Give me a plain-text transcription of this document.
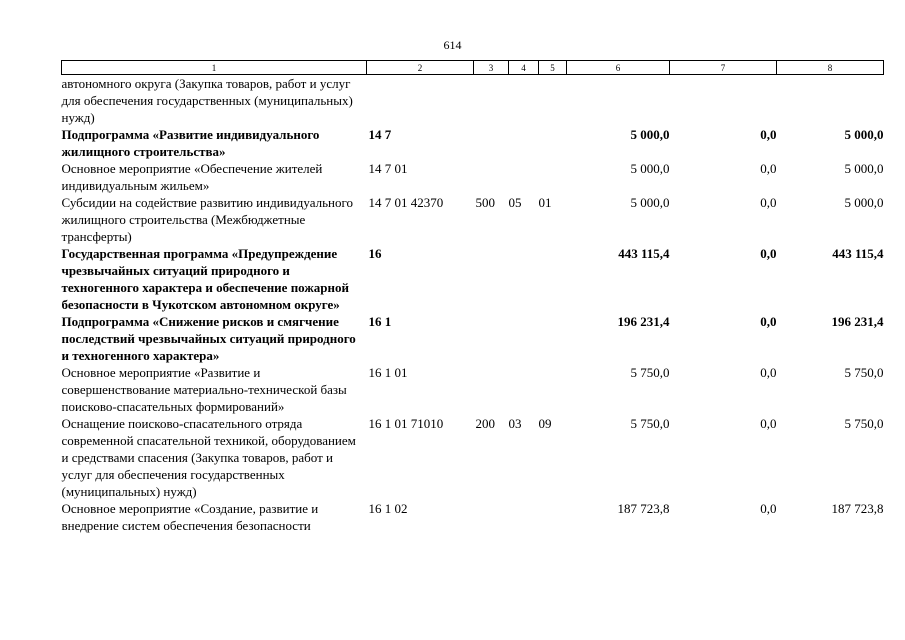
614
1	2	3	4	5	6	7	8
автономного округа (Закупка товаров, работ и услуг для обеспечения государственных (муниципальных) нужд)							
Подпрограмма «Развитие индивидуального жилищного строительства»	14 7				5 000,0	0,0	5 000,0
Основное мероприятие «Обеспечение жителей индивидуальным жильем»	14 7 01				5 000,0	0,0	5 000,0
Субсидии на содействие развитию индивидуального жилищного строительства (Межбюджетные трансферты)	14 7 01 42370	500	05	01	5 000,0	0,0	5 000,0
Государственная программа «Предупреждение чрезвычайных ситуаций природного и техногенного характера и обеспечение пожарной безопасности в Чукотском автономном округе»	16				443 115,4	0,0	443 115,4
Подпрограмма «Снижение рисков и смягчение последствий чрезвычайных ситуаций природного и техногенного характера»	16 1				196 231,4	0,0	196 231,4
Основное мероприятие «Развитие и совершенствование материально-технической базы поисково-спасательных формирований»	16 1 01				5 750,0	0,0	5 750,0
Оснащение поисково-спасательного отряда современной спасательной техникой, оборудованием и средствами спасения (Закупка товаров, работ и услуг для обеспечения государственных (муниципальных) нужд)	16 1 01 71010	200	03	09	5 750,0	0,0	5 750,0
Основное мероприятие «Создание, развитие и внедрение систем обеспечения безопасности	16 1 02				187 723,8	0,0	187 723,8
